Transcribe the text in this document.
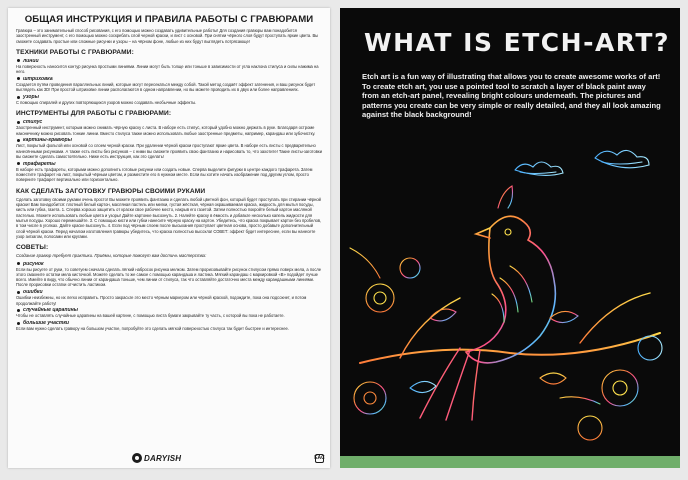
ОБЩАЯ ИНСТРУКЦИЯ И ПРАВИЛА РАБОТЫ С ГРАВЮРАМИ
Гравюра – это занимательный способ рисования, с его помощью можно создавать удивительные работы! Для создания гравюры вам понадобится заостренный инструмент, с его помощью можно соскребать слой черной краски, и лист с основой. При снятии чёрного слоя будут проступать яркие цвета. Вы сможете создавать простые или сложные рисунки и узоры – на чёрном фоне, любые из них будут выглядеть потрясающе!
ТЕХНИКИ РАБОТЫ С ГРАВЮРАМИ:
линии
На поверхность наносится контур рисунка простыми линиями. Линии могут быть толще или тоньше в зависимости от угла наклона стилуса и силы нажима на него.
штриховка
Создается путём проведения параллельных линий, которые могут пересекаться между собой. Такой метод создаёт эффект затенения, и ваш рисунок будет выглядеть как 3D! При простой штриховке линии располагаются в одном направлении, но вы можете проводить их в двух или более направлениях.
узоры
С помощью спиралей и других повторяющихся узоров можно создавать необычные эффекты.
ИНСТРУМЕНТЫ ДЛЯ РАБОТЫ С ГРАВЮРАМИ:
стилус
Заостренный инструмент, которым можно снимать чёрную краску с листа. В наборе есть стилус, который удобно можно держать в руке. Благодаря остроме наконечнику можно рисовать тонкие линии. Вместо стилуса также можно использовать любые заостренные предметы, например, карандаш или зубочистку.
картины-гравюры
Лист, покрытый фольгой или основой со слоем черной краски. При удалении чёрной краски проступают яркие цвета. В наборе есть листы с предварительно нанесёнными рисунками. А также есть листы без рисунков – с ними вы сможете проявить свою фантазию и нарисовать то, что захотите! Такие листы-заготовки вы сможете сделать самостоятельно. Ниже есть инструкция, как это сделать!
трафареты
В наборе есть трафареты, которыми можно дополнить готовые рисунки или создать новые. Сперва выделите фигурки в центре каждого трафарета. Затем поместите трафарет на лист, покрытый чёрным цветом, и разместите его в нужном месте. Если вы хотите начать изображение под другим углом, просто поверните трафарет вертикально или горизонтально.
КАК СДЕЛАТЬ ЗАГОТОВКУ ГРАВЮРЫ СВОИМИ РУКАМИ
Сделать заготовку своими руками очень просто! Вы можете проявить фантазию и сделать любой цветной фон, который будет проступать при стирании чёрной краски! Вам понадобится: плотный белый картон, масляная пастель или мелки, густая жёсткая, чёрная окрашиваемая краска, жидкость для мытья посуды, кисть или губка, газета. 1. Сперва хорошо защитить от краски свое рабочее место, накрыв его газетой. Затем полностью покройте белый картон масляной пастелью. Можете использовать любые цвета и узоры! Дайте картонке высохнуть. 2. Налейте краску в ёмкость и добавьте несколько капель жидкости для мытья посуды. Хорошо перемешайте. 3. С помощью кисти или губки нанесите чёрную краску на картон. Убедитесь, что краска покрывает картон без пробелов, в том числе в уголках. Дайте краске высохнуть. 4. Если под чёрным слоем после высыхания проступает цветная основа, просто добавьте дополнительный слой чёрной краски. Перед началом изготовления гравюры убедитесь, что краска полностью высохла! СОВЕТ: эффект будет интереснее, если вы нанесете узор зигзагом, полосами или кругами.
СОВЕТЫ:
Создание гравюр требует практики. Приёмы, которые помогут вам достичь мастерства:
рисунок
Если вы рисуете от руки, то советуем сначала сделать лёгкий набросок рисунка мелком. Затем прорисовывайте рисунок стилусом прямо поверх мела, а после этого смахните остатки мела кисточкой. Можете сделать то же самое с помощью карандаша и ластика. Мягкий карандаш с маркировкой «B» подойдет лучше всего. Имейте в виду, что обычно линии от карандаша тоньше, чем линии от стилуса, так что оставляйте достаточно места между карандашными линиями. После прорисовки остатки отчистить ластиком.
ошибки
Ошибки неизбежны, но их легко исправить. Просто закрасьте это место чёрным маркером или чёрной краской, подождите, пока она подсохнет, и потом продолжайте работу!
случайные царапины
Чтобы не оставлять случайные царапины на вашей картине, с помощью листа бумаги закрывайте ту часть, с которой вы пока не работаете.
большие участки
Если вам нужно сделать гравюру на большом участке, попробуйте это сделать мягкой поверхностью стилуса так будет быстрее и интереснее.
DARYISH	EAC
WHAT IS ETCH-ART?
Etch art is a fun way of illustrating that allows you to create awesome works of art! To create etch art, you use a pointed tool to scratch a layer of black paint away from an etch-art panel, revealing bright colours underneath. The pictures and patterns you create can be very simple or really detailed, and they all look amazing against the black background!
